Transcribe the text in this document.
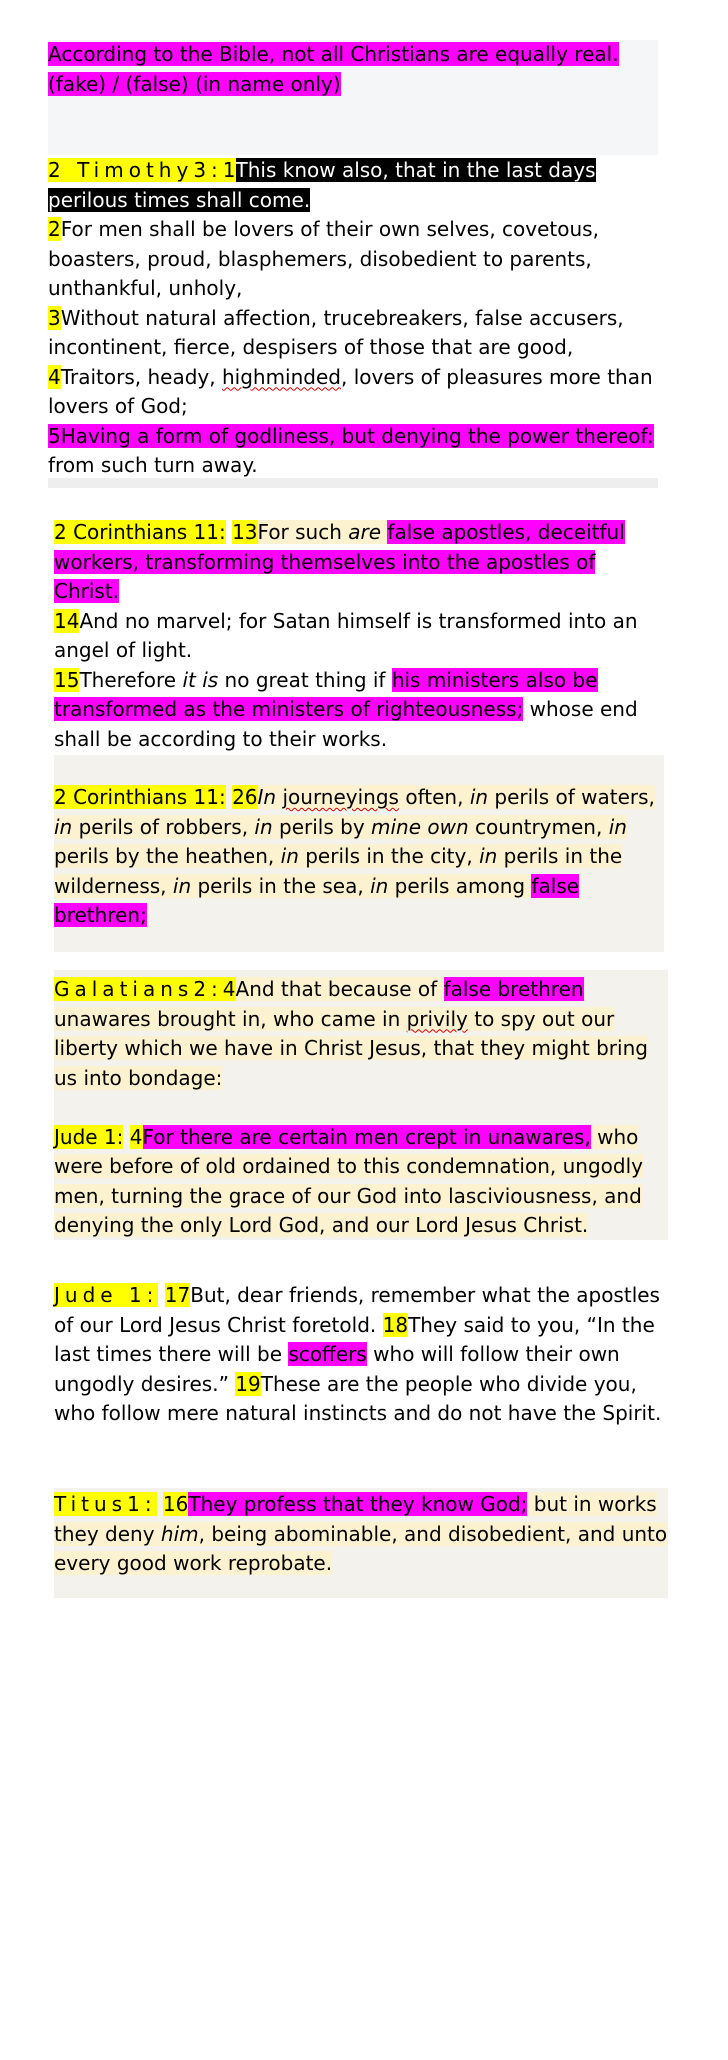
According to the Bible, not all Christians are equally real.
(fake) / (false) (in name only)

2 Timothy3:1This know also, that in the last days perilous times shall come.

2For men shall be lovers of their own selves, covetous, boasters, proud, blasphemers, disobedient to parents, unthankful, unholy,

3Without natural affection, trucebreakers, false accusers, incontinent, fierce, despisers of those that are good,

4Traitors, heady, highminded, lovers of pleasures more than lovers of God;

5Having a form of godliness, but denying the power thereof: from such turn away.

2 Corinthians 11: 13For such are false apostles, deceitful workers, transforming themselves into the apostles of Christ.

14And no marvel; for Satan himself is transformed into an angel of light.

15Therefore it is no great thing if his ministers also be transformed as the ministers of righteousness; whose end shall be according to their works.

2 Corinthians 11: 26In journeyings often, in perils of waters, in perils of robbers, in perils by mine own countrymen, in perils by the heathen, in perils in the city, in perils in the wilderness, in perils in the sea, in perils among false brethren;

Galatians2:4And that because of false brethren unawares brought in, who came in privily to spy out our liberty which we have in Christ Jesus, that they might bring us into bondage:

Jude 1: 4For there are certain men crept in unawares, who were before of old ordained to this condemnation, ungodly men, turning the grace of our God into lasciviousness, and denying the only Lord God, and our Lord Jesus Christ.

Jude 1: 17But, dear friends, remember what the apostles of our Lord Jesus Christ foretold. 18They said to you, “In the last times there will be scoffers who will follow their own ungodly desires.” 19These are the people who divide you, who follow mere natural instincts and do not have the Spirit.

Titus1: 16They profess that they know God; but in works they deny him, being abominable, and disobedient, and unto every good work reprobate.
